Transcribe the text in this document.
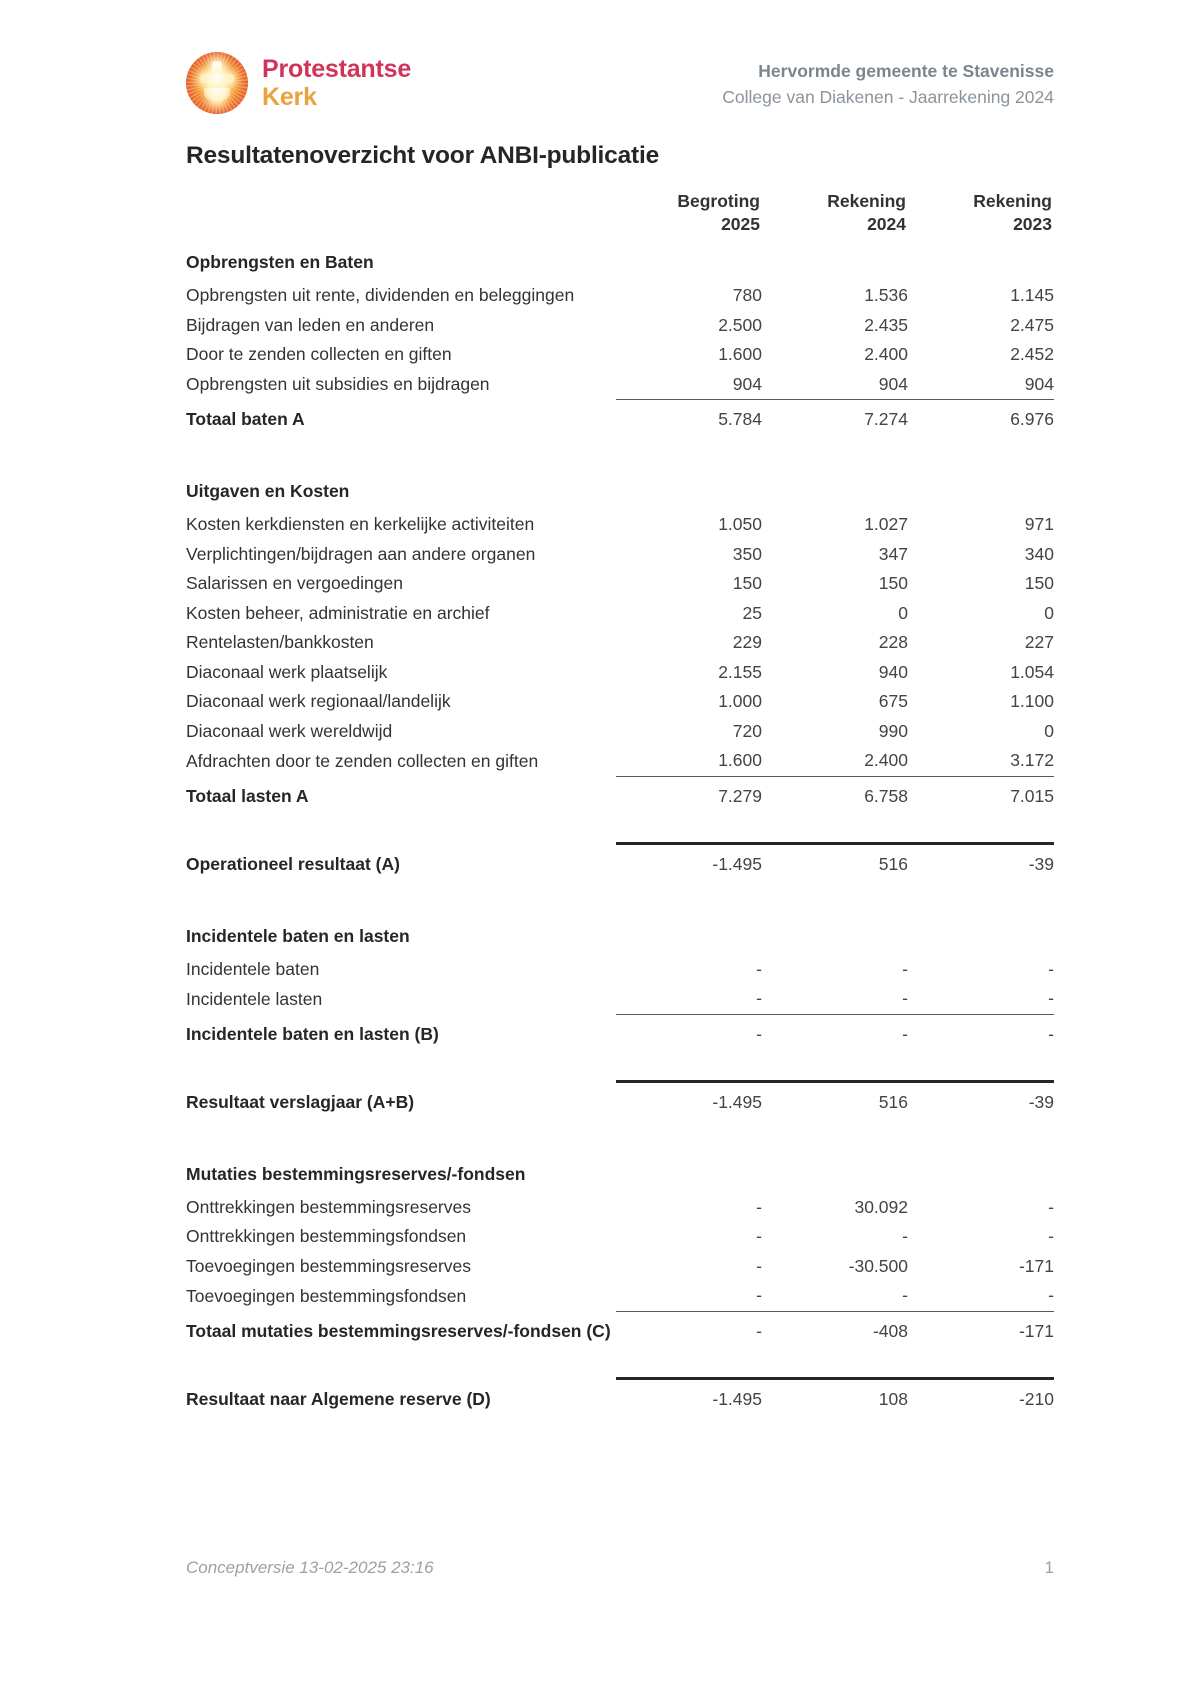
Protestantse
Kerk
Hervormde gemeente te Stavenisse
College van Diakenen - Jaarrekening 2024
Resultatenoverzicht voor ANBI-publicatie
	Begroting	Rekening	Rekening
	2025	2024	2023
Opbrengsten en Baten			
Opbrengsten uit rente, dividenden en beleggingen	780	1.536	1.145
Bijdragen van leden en anderen	2.500	2.435	2.475
Door te zenden collecten en giften	1.600	2.400	2.452
Opbrengsten uit subsidies en bijdragen	904	904	904
Totaal baten A	5.784	7.274	6.976

Uitgaven en Kosten			
Kosten kerkdiensten en kerkelijke activiteiten	1.050	1.027	971
Verplichtingen/bijdragen aan andere organen	350	347	340
Salarissen en vergoedingen	150	150	150
Kosten beheer, administratie en archief	25	0	0
Rentelasten/bankkosten	229	228	227
Diaconaal werk plaatselijk	2.155	940	1.054
Diaconaal werk regionaal/landelijk	1.000	675	1.100
Diaconaal werk wereldwijd	720	990	0
Afdrachten door te zenden collecten en giften	1.600	2.400	3.172
Totaal lasten A	7.279	6.758	7.015

Operationeel resultaat (A)	-1.495	516	-39

Incidentele baten en lasten			
Incidentele baten	-	-	-
Incidentele lasten	-	-	-
Incidentele baten en lasten (B)	-	-	-

Resultaat verslagjaar (A+B)	-1.495	516	-39

Mutaties bestemmingsreserves/-fondsen			
Onttrekkingen bestemmingsreserves	-	30.092	-
Onttrekkingen bestemmingsfondsen	-	-	-
Toevoegingen bestemmingsreserves	-	-30.500	-171
Toevoegingen bestemmingsfondsen	-	-	-
Totaal mutaties bestemmingsreserves/-fondsen (C)	-	-408	-171

Resultaat naar Algemene reserve (D)	-1.495	108	-210
Conceptversie 13-02-2025 23:16	1
